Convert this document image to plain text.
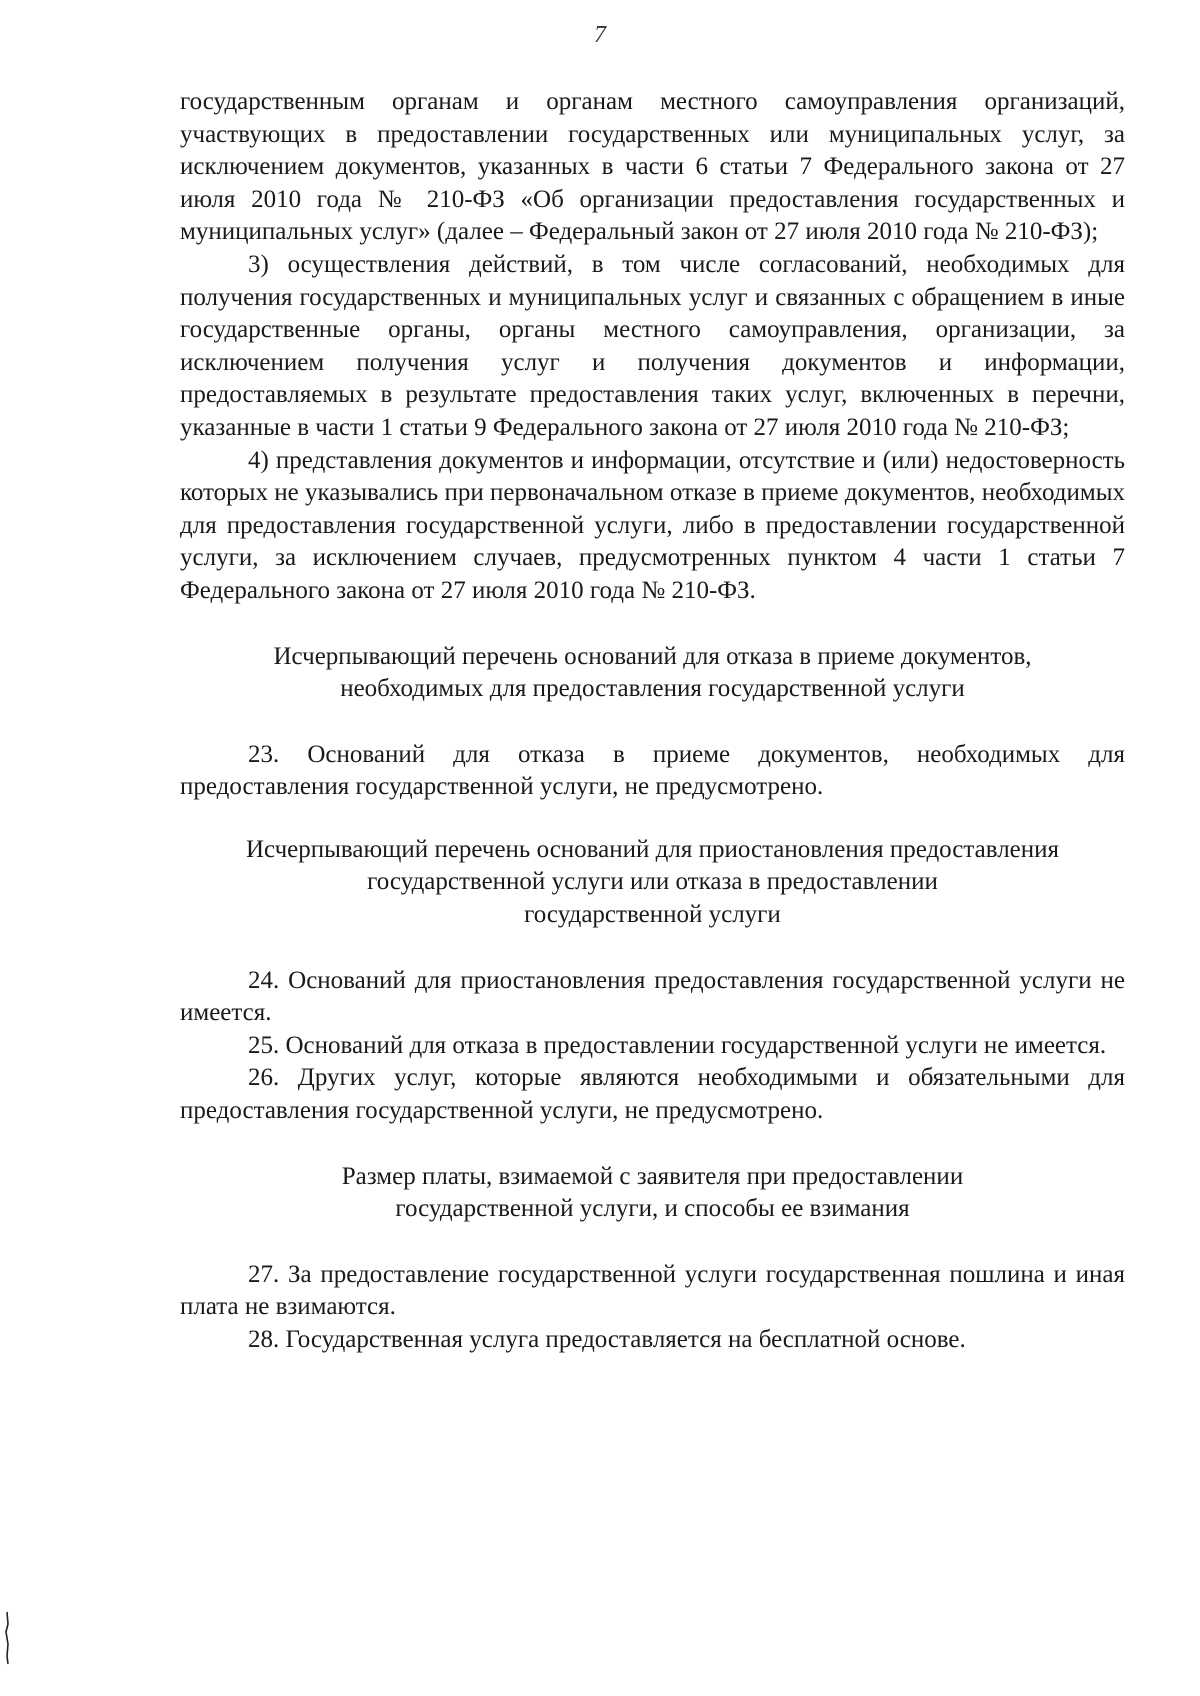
7

государственным органам и органам местного самоуправления организаций, участвующих в предоставлении государственных или муниципальных услуг, за исключением документов, указанных в части 6 статьи 7 Федерального закона от 27 июля 2010 года № 210-ФЗ «Об организации предоставления государственных и муниципальных услуг» (далее – Федеральный закон от 27 июля 2010 года № 210-ФЗ);

3) осуществления действий, в том числе согласований, необходимых для получения государственных и муниципальных услуг и связанных с обращением в иные государственные органы, органы местного самоуправления, организации, за исключением получения услуг и получения документов и информации, предоставляемых в результате предоставления таких услуг, включенных в перечни, указанные в части 1 статьи 9 Федерального закона от 27 июля 2010 года № 210-ФЗ;

4) представления документов и информации, отсутствие и (или) недостоверность которых не указывались при первоначальном отказе в приеме документов, необходимых для предоставления государственной услуги, либо в предоставлении государственной услуги, за исключением случаев, предусмотренных пунктом 4 части 1 статьи 7 Федерального закона от 27 июля 2010 года № 210-ФЗ.

Исчерпывающий перечень оснований для отказа в приеме документов,

необходимых для предоставления государственной услуги

23. Оснований для отказа в приеме документов, необходимых для предоставления государственной услуги, не предусмотрено.

Исчерпывающий перечень оснований для приостановления предоставления

государственной услуги или отказа в предоставлении

государственной услуги

24. Оснований для приостановления предоставления государственной услуги не имеется.

25. Оснований для отказа в предоставлении государственной услуги не имеется.

26. Других услуг, которые являются необходимыми и обязательными для предоставления государственной услуги, не предусмотрено.

Размер платы, взимаемой с заявителя при предоставлении

государственной услуги, и способы ее взимания

27. За предоставление государственной услуги государственная пошлина и иная плата не взимаются.

28. Государственная услуга предоставляется на бесплатной основе.
